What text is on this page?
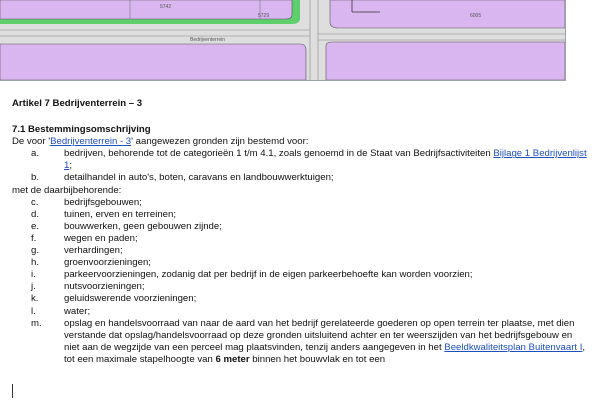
5742
5729	6005
Bedrijventerrein

Artikel 7 Bedrijventerrein – 3

7.1 Bestemmingsomschrijving

De voor 'Bedrijventerrein - 3' aangewezen gronden zijn bestemd voor:

a.	bedrijven, behorende tot de categorieën 1 t/m 4.1, zoals genoemd in de Staat van Bedrijfsactiviteiten Bijlage 1 Bedrijvenlijst 1;
b.	detailhandel in auto's, boten, caravans en landbouwwerktuigen;

met de daarbijbehorende:

c.	bedrijfsgebouwen;
d.	tuinen, erven en terreinen;
e.	bouwwerken, geen gebouwen zijnde;
f.	wegen en paden;
g.	verhardingen;
h.	groenvoorzieningen;
i.	parkeervoorzieningen, zodanig dat per bedrijf in de eigen parkeerbehoefte kan worden voorzien;
j.	nutsvoorzieningen;
k.	geluidswerende voorzieningen;
l.	water;
m.	opslag en handelsvoorraad van naar de aard van het bedrijf gerelateerde goederen op open terrein ter plaatse, met dien verstande dat opslag/handelsvoorraad op deze gronden uitsluitend achter en ter weerszijden van het bedrijfsgebouw en niet aan de wegzijde van een perceel mag plaatsvinden, tenzij anders aangegeven in het Beeldkwaliteitsplan Buitenvaart I, tot een maximale stapelhoogte van 6 meter binnen het bouwvlak en tot een
